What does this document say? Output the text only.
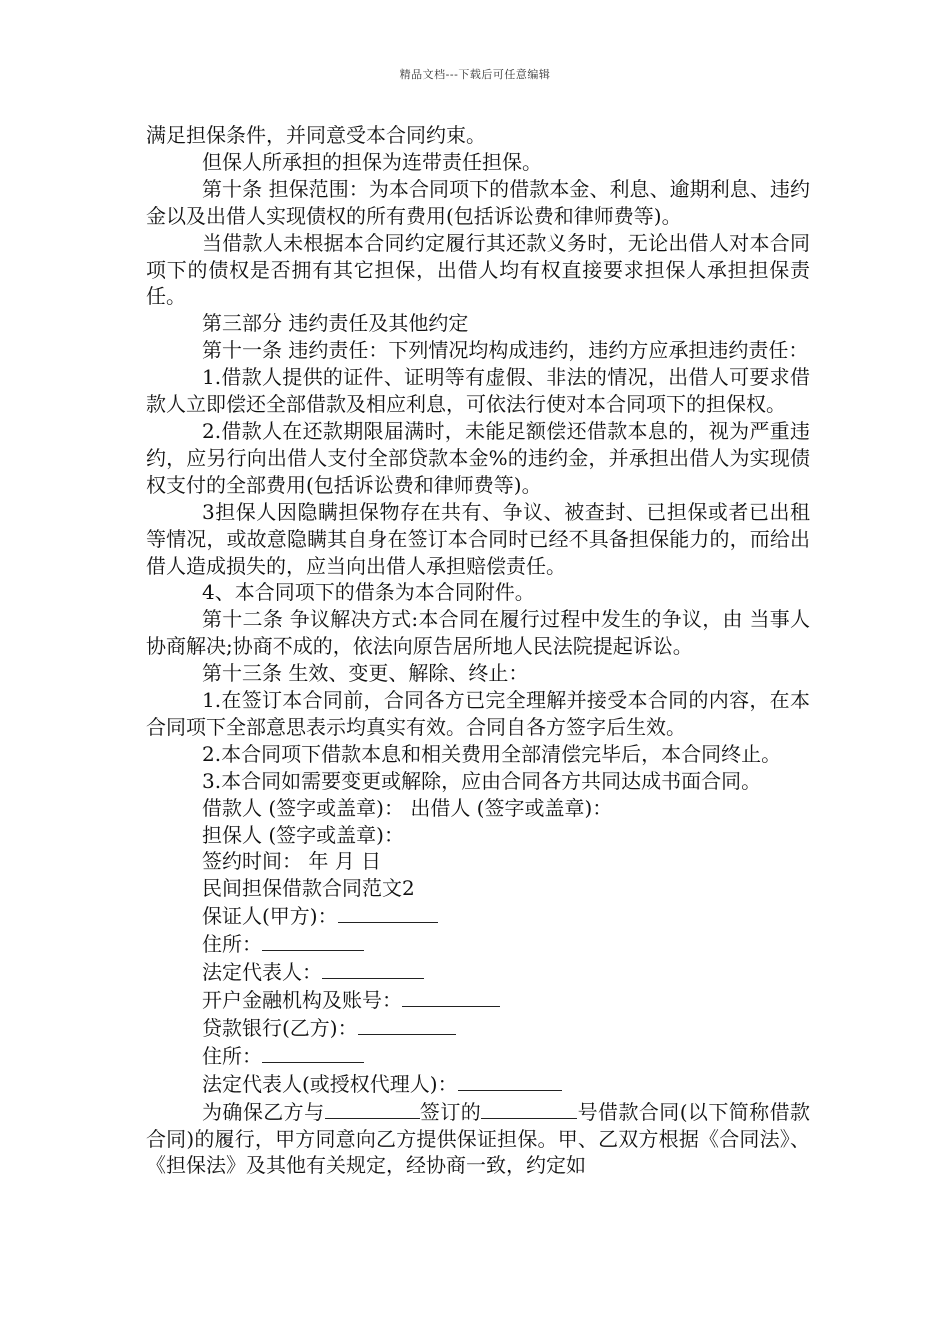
精品文档---下载后可任意编辑

满足担保条件，并同意受本合同约束。

但保人所承担的担保为连带责任担保。

第十条 担保范围：为本合同项下的借款本金、利息、逾期利息、违约金以及出借人实现债权的所有费用(包括诉讼费和律师费等)。

当借款人未根据本合同约定履行其还款义务时，无论出借人对本合同项下的债权是否拥有其它担保，出借人均有权直接要求担保人承担担保责任。

第三部分 违约责任及其他约定

第十一条 违约责任：下列情况均构成违约，违约方应承担违约责任：

1.借款人提供的证件、证明等有虚假、非法的情况，出借人可要求借款人立即偿还全部借款及相应利息，可依法行使对本合同项下的担保权。

2.借款人在还款期限届满时，未能足额偿还借款本息的，视为严重违约，应另行向出借人支付全部贷款本金%的违约金，并承担出借人为实现债权支付的全部费用(包括诉讼费和律师费等)。

3担保人因隐瞒担保物存在共有、争议、被查封、已担保或者已出租等情况，或故意隐瞒其自身在签订本合同时已经不具备担保能力的，而给出借人造成损失的，应当向出借人承担赔偿责任。

4、本合同项下的借条为本合同附件。

第十二条 争议解决方式:本合同在履行过程中发生的争议，由 当事人协商解决;协商不成的，依法向原告居所地人民法院提起诉讼。

第十三条 生效、变更、解除、终止：

1.在签订本合同前，合同各方已完全理解并接受本合同的内容，在本合同项下全部意思表示均真实有效。合同自各方签字后生效。

2.本合同项下借款本息和相关费用全部清偿完毕后，本合同终止。

3.本合同如需要变更或解除，应由合同各方共同达成书面合同。

借款人 (签字或盖章)： 出借人 (签字或盖章)：

担保人 (签字或盖章)：

签约时间： 年 月 日

民间担保借款合同范文2

保证人(甲方)：

住所：

法定代表人：

开户金融机构及账号：

贷款银行(乙方)：

住所：

法定代表人(或授权代理人)：

为确保乙方与	签订的	号借款合同(以下简称借款合同)的履行，甲方同意向乙方提供保证担保。甲、乙双方根据《合同法》、《担保法》及其他有关规定，经协商一致，约定如
